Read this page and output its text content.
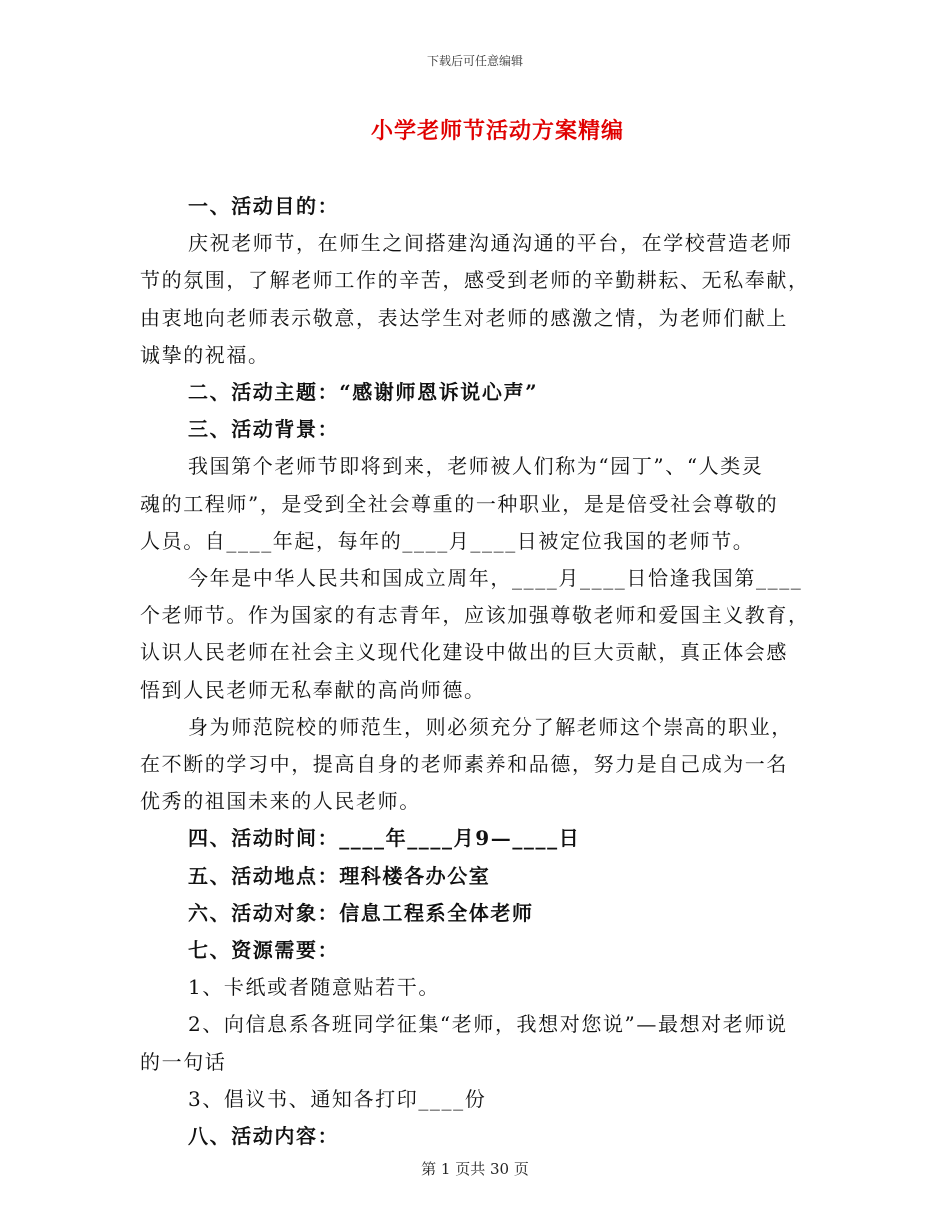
下载后可任意编辑
小学老师节活动方案精编
一、活动目的：
庆祝老师节，在师生之间搭建沟通沟通的平台，在学校营造老师
节的氛围，了解老师工作的辛苦，感受到老师的辛勤耕耘、无私奉献，
由衷地向老师表示敬意，表达学生对老师的感激之情，为老师们献上
诚挚的祝福。
二、活动主题：“感谢师恩诉说心声”
三、活动背景：
我国第个老师节即将到来，老师被人们称为“园丁”、“人类灵
魂的工程师”，是受到全社会尊重的一种职业，是是倍受社会尊敬的
人员。自____年起，每年的____月____日被定位我国的老师节。
今年是中华人民共和国成立周年，____月____日恰逢我国第____
个老师节。作为国家的有志青年，应该加强尊敬老师和爱国主义教育，
认识人民老师在社会主义现代化建设中做出的巨大贡献，真正体会感
悟到人民老师无私奉献的高尚师德。
身为师范院校的师范生，则必须充分了解老师这个崇高的职业，
在不断的学习中，提高自身的老师素养和品德，努力是自己成为一名
优秀的祖国未来的人民老师。
四、活动时间：____年____月9—____日
五、活动地点：理科楼各办公室
六、活动对象：信息工程系全体老师
七、资源需要：
1、卡纸或者随意贴若干。
2、向信息系各班同学征集“老师，我想对您说”—最想对老师说
的一句话
3、倡议书、通知各打印____份
八、活动内容：
第 1 页共 30 页
